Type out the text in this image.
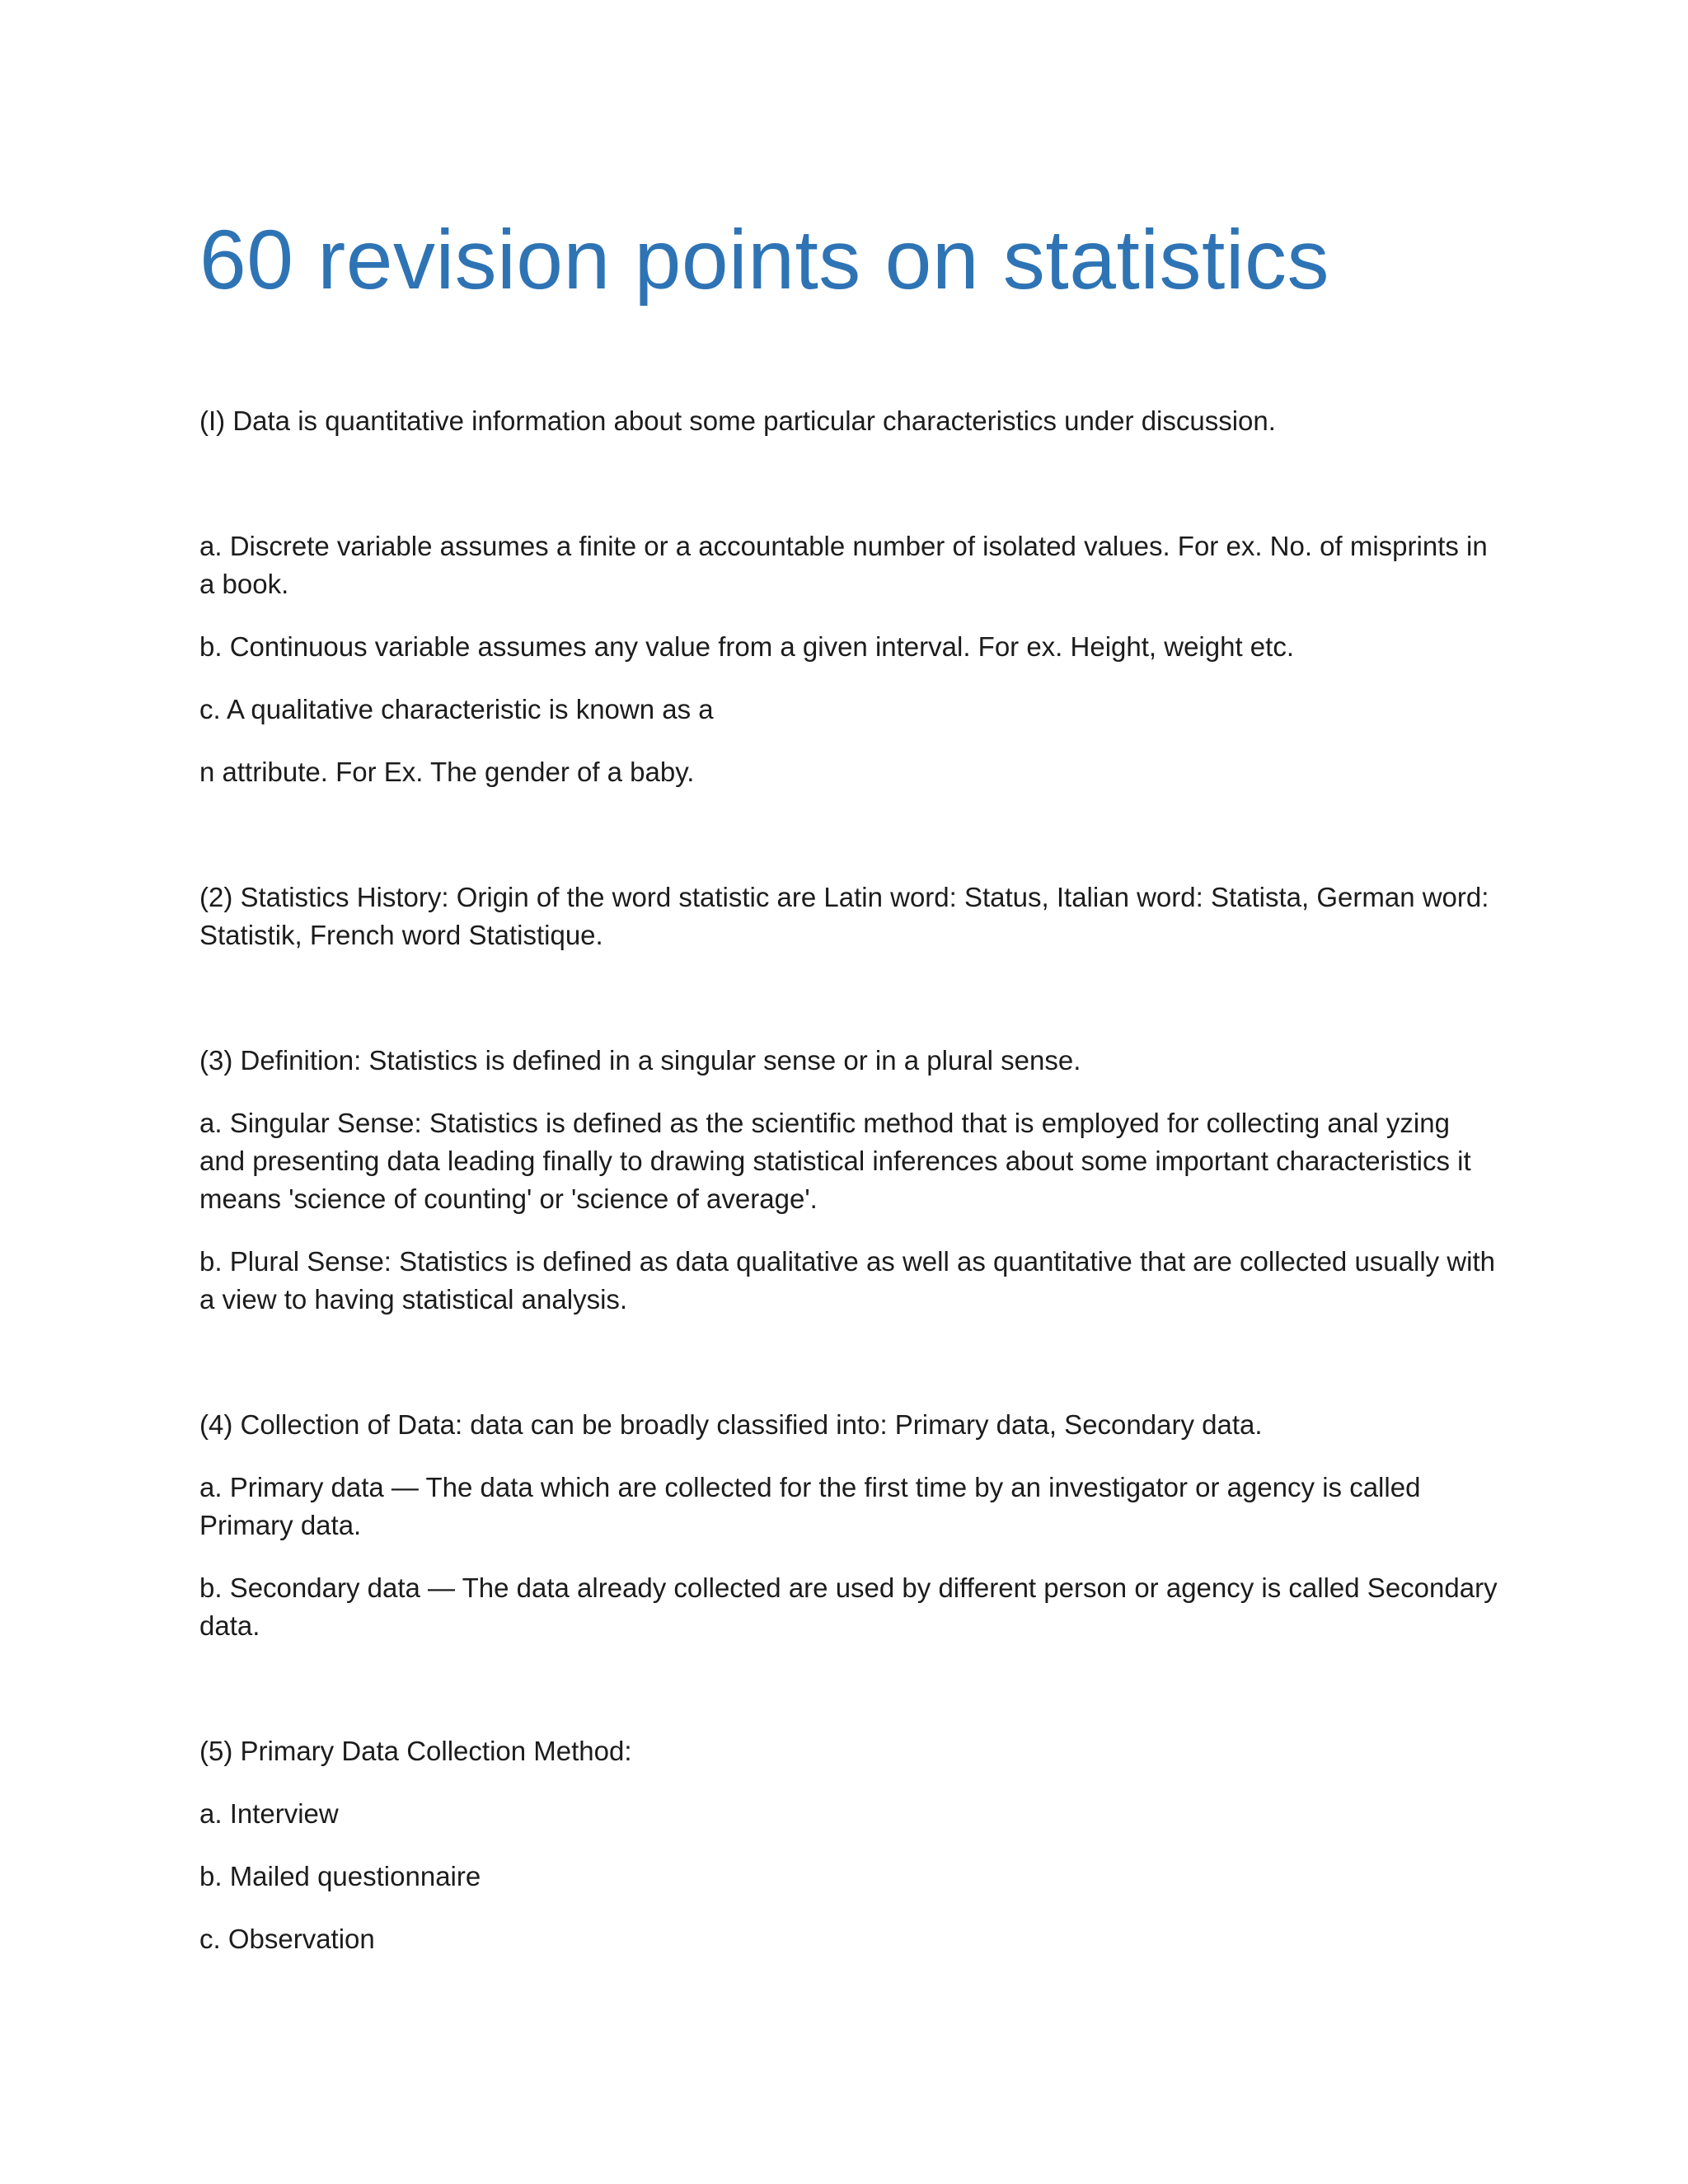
60 revision points on statistics

(I) Data is quantitative information about some particular characteristics under discussion.

a. Discrete variable assumes a finite or a accountable number of isolated values. For ex. No. of misprints in a book.

b. Continuous variable assumes any value from a given interval. For ex. Height, weight etc.

c. A qualitative characteristic is known as a

n attribute. For Ex. The gender of a baby.

(2) Statistics History: Origin of the word statistic are Latin word: Status, Italian word: Statista, German word: Statistik, French word Statistique.

(3) Definition: Statistics is defined in a singular sense or in a plural sense.

a. Singular Sense: Statistics is defined as the scientific method that is employed for collecting anal yzing and presenting data leading finally to drawing statistical inferences about some important characteristics it means 'science of counting' or 'science of average'.

b. Plural Sense: Statistics is defined as data qualitative as well as quantitative that are collected usually with a view to having statistical analysis.

(4) Collection of Data: data can be broadly classified into: Primary data, Secondary data.

a. Primary data — The data which are collected for the first time by an investigator or agency is called Primary data.

b. Secondary data — The data already collected are used by different person or agency is called Secondary data.

(5) Primary Data Collection Method:

a. Interview

b. Mailed questionnaire

c. Observation
